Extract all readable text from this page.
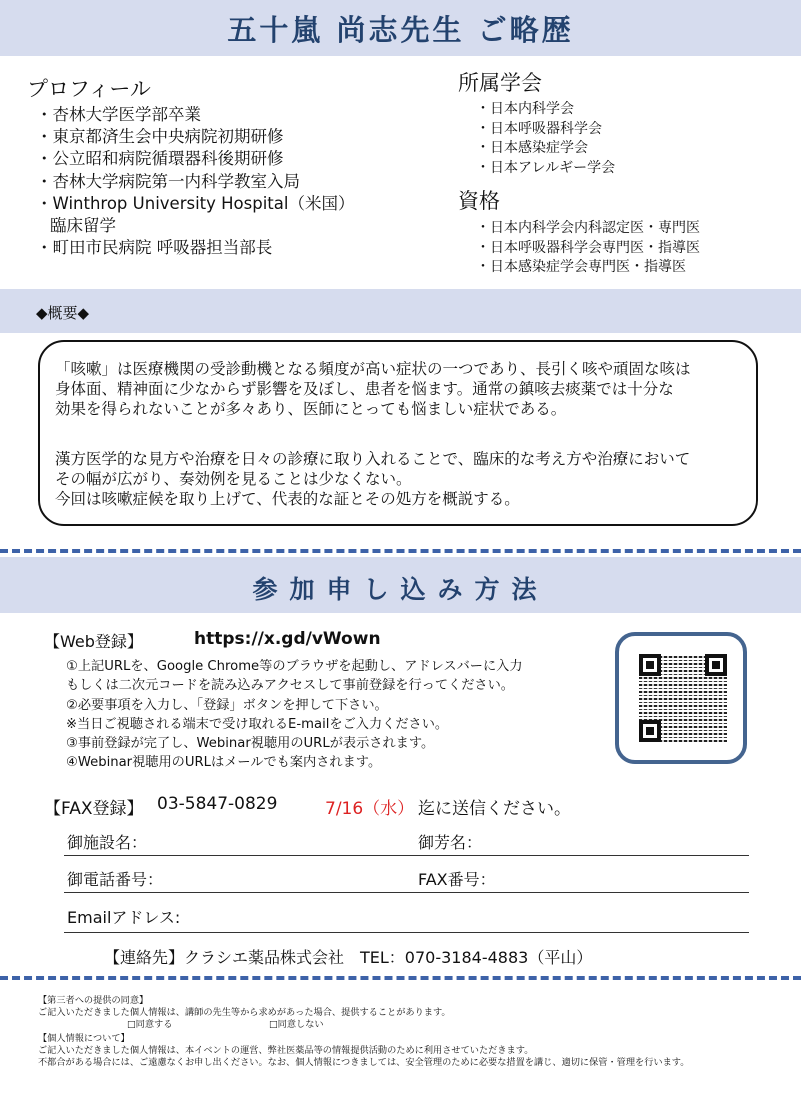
五十嵐 尚志先生 ご略歴
プロフィール
・杏林大学医学部卒業
・東京都済生会中央病院初期研修
・公立昭和病院循環器科後期研修
・杏林大学病院第一内科学教室入局
・Winthrop University Hospital（米国）
臨床留学
・町田市民病院 呼吸器担当部長
所属学会
・日本内科学会
・日本呼吸器科学会
・日本感染症学会
・日本アレルギー学会
資格
・日本内科学会内科認定医・専門医
・日本呼吸器科学会専門医・指導医
・日本感染症学会専門医・指導医
◆概要◆
「咳嗽」は医療機関の受診動機となる頻度が高い症状の一つであり、長引く咳や頑固な咳は
身体面、精神面に少なからず影響を及ぼし、患者を悩ます。通常の鎮咳去痰薬では十分な
効果を得られないことが多々あり、医師にとっても悩ましい症状である。
漢方医学的な見方や治療を日々の診療に取り入れることで、臨床的な考え方や治療において
その幅が広がり、奏効例を見ることは少なくない。
今回は咳嗽症候を取り上げて、代表的な証とその処方を概説する。
参加申し込み方法
【Web登録】	https://x.gd/vWown
①上記URLを、Google Chrome等のブラウザを起動し、アドレスバーに入力
もしくは二次元コードを読み込みアクセスして事前登録を行ってください。
②必要事項を入力し、「登録」ボタンを押して下さい。
※当日ご視聴される端末で受け取れるE-mailをご入力ください。
③事前登録が完了し、Webinar視聴用のURLが表示されます。
④Webinar視聴用のURLはメールでも案内されます。
【FAX登録】 03-5847-0829	7/16（水） 迄に送信ください。
御施設名：	御芳名：
御電話番号：	FAX番号：
Emailアドレス:
【連絡先】クラシエ薬品株式会社　TEL：070-3184-4883（平山）
【第三者への提供の同意】
ご記入いただきました個人情報は、講師の先生等から求めがあった場合、提供することがあります。
□同意する	□同意しない
【個人情報について】
ご記入いただきました個人情報は、本イベントの運営、弊社医薬品等の情報提供活動のために利用させていただきます。
不都合がある場合には、ご遠慮なくお申し出ください。なお、個人情報につきましては、安全管理のために必要な措置を講じ、適切に保管・管理を行います。
